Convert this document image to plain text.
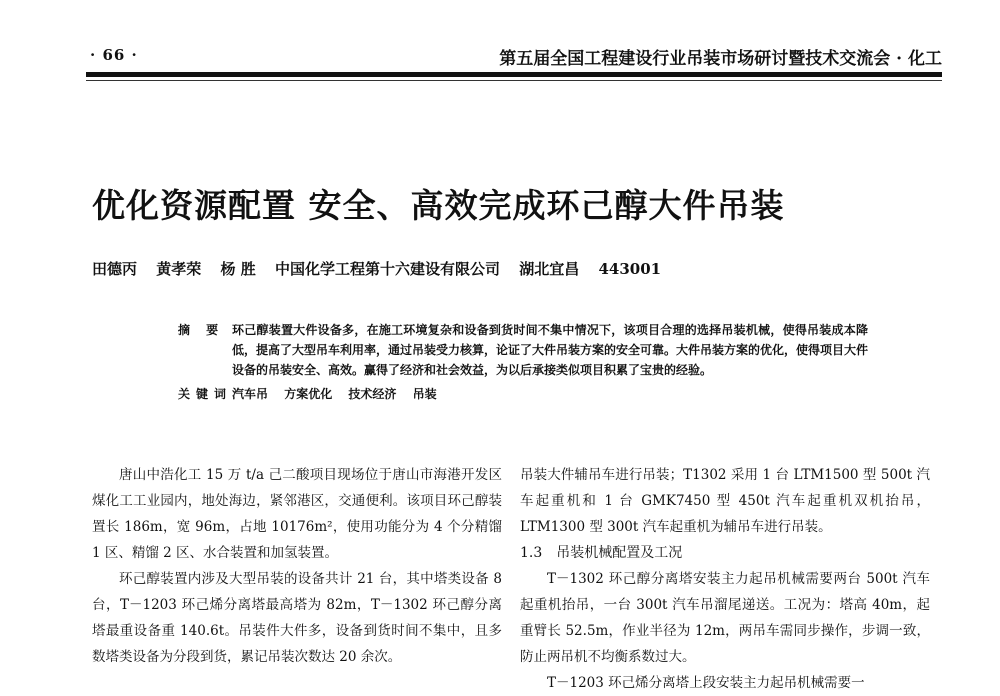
· 66 ·	第五届全国工程建设行业吊装市场研讨暨技术交流会 · 化工
优化资源配置 安全、高效完成环己醇大件吊装
田德丙 黄孝荣 杨 胜 中国化学工程第十六建设有限公司 湖北宜昌 443001
摘 要 环己醇装置大件设备多，在施工环境复杂和设备到货时间不集中情况下，该项目合理的选择吊装机械，使得吊装成本降低，提高了大型吊车利用率，通过吊装受力核算，论证了大件吊装方案的安全可靠。大件吊装方案的优化，使得项目大件设备的吊装安全、高效。赢得了经济和社会效益，为以后承接类似项目积累了宝贵的经验。
关键词 汽车吊 方案优化 技术经济 吊装

唐山中浩化工 15 万 t/a 己二酸项目现场位于唐山市海港开发区煤化工工业园内，地处海边，紧邻港区，交通便利。该项目环己醇装置长 186m，宽 96m，占地 10176m²，使用功能分为 4 个分精馏 1 区、精馏 2 区、水合装置和加氢装置。

环己醇装置内涉及大型吊装的设备共计 21 台，其中塔类设备 8 台，T－1203 环己烯分离塔最高塔为 82m，T－1302 环己醇分离塔最重设备重 140.6t。吊装件大件多，设备到货时间不集中，且多数塔类设备为分段到货，累记吊装次数达 20 余次。

吊装大件辅吊车进行吊装；T1302 采用 1 台 LTM1500 型 500t 汽车起重机和 1 台 GMK7450 型 450t 汽车起重机双机抬吊，LTM1300 型 300t 汽车起重机为辅吊车进行吊装。

1.3　吊装机械配置及工况

T－1302 环己醇分离塔安装主力起吊机械需要两台 500t 汽车起重机抬吊，一台 300t 汽车吊溜尾递送。工况为：塔高 40m，起重臂长 52.5m，作业半径为 12m，两吊车需同步操作，步调一致，防止两吊机不均衡系数过大。

T－1203 环己烯分离塔上段安装主力起吊机械需要一
